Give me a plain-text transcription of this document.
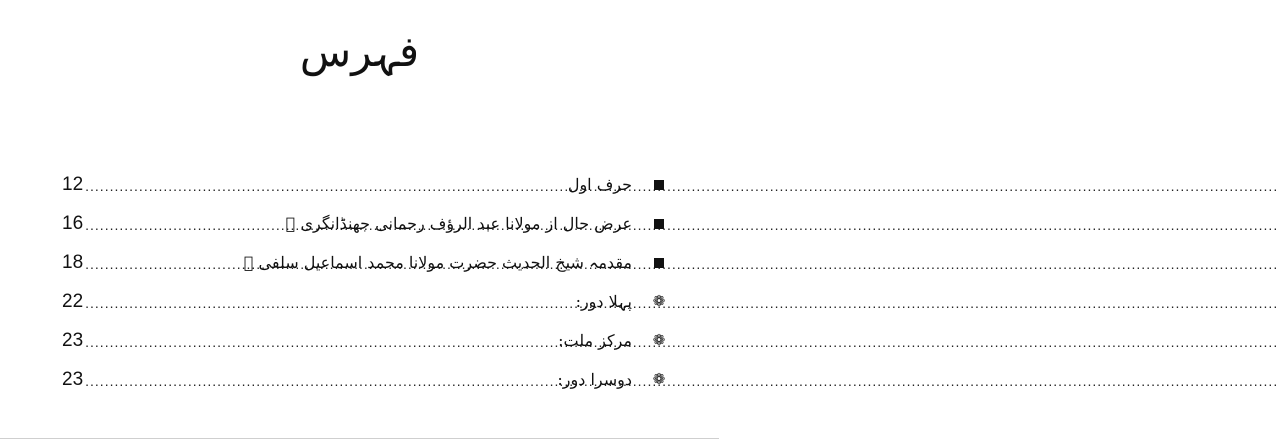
فہرس
12 .....	حرف اول
16 .....	عرض حال از مولانا عبد الرؤف رحمانی جھنڈانگری ﷫
18 .....	مقدمہ شیخ الحدیث حضرت مولانا محمد اسماعیل سلفی ﷫
22 .....	پہلا دور: ❁
23 .....	مرکز ملت: ❁
23 .....	دوسرا دور: ❁
